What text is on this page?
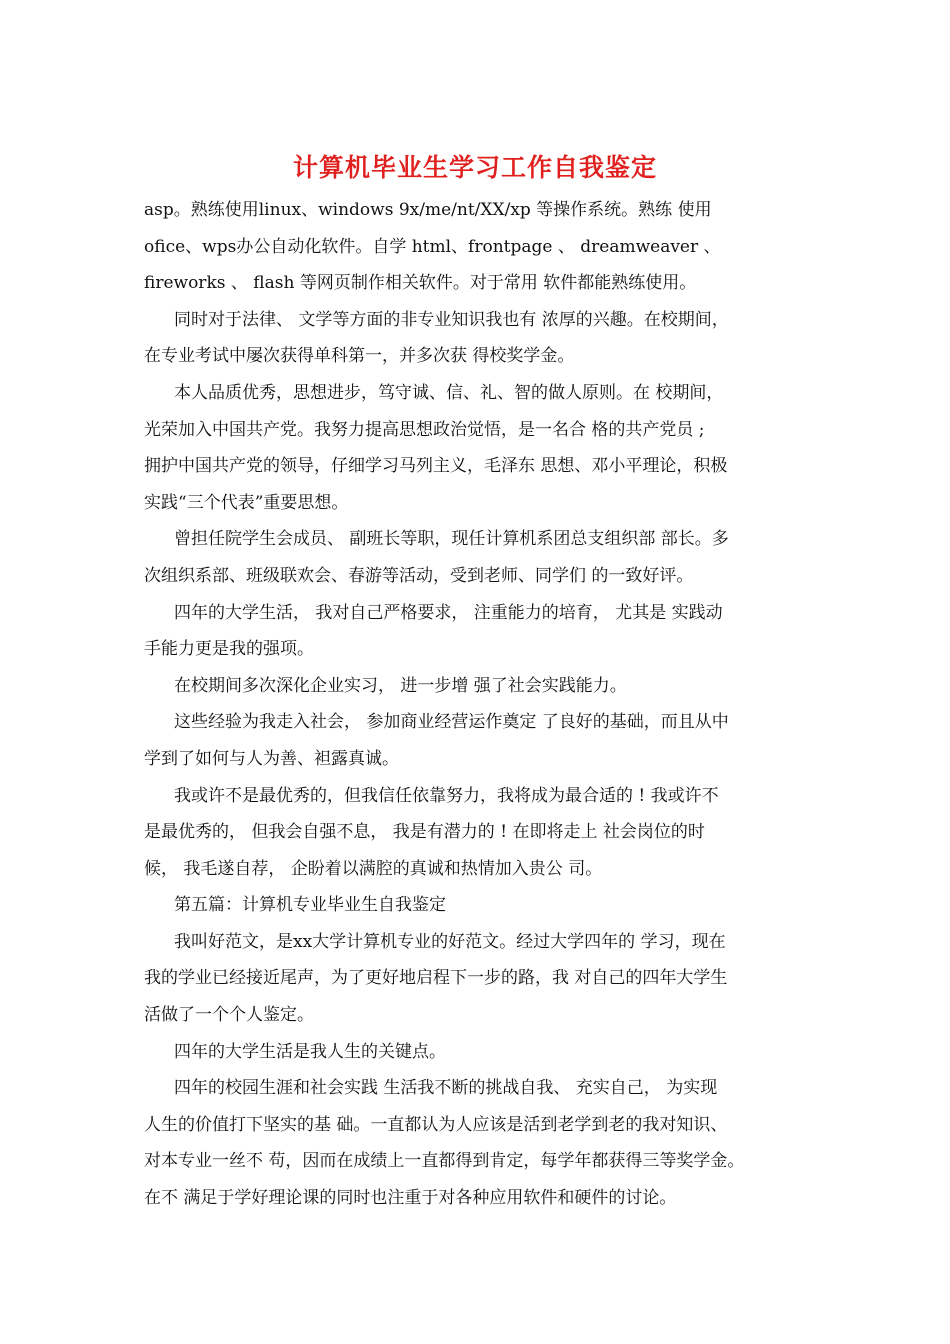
计算机毕业生学习工作自我鉴定
asp。熟练使用linux、windows 9x/me/nt/XX/xp 等操作系统。熟练 使用
ofice、wps办公自动化软件。自学 html、frontpage 、 dreamweaver 、
fireworks 、 flash 等网页制作相关软件。对于常用 软件都能熟练使用。
同时对于法律、 文学等方面的非专业知识我也有 浓厚的兴趣。在校期间，
在专业考试中屡次获得单科第一，并多次获 得校奖学金。
本人品质优秀，思想进步，笃守诚、信、礼、智的做人原则。在 校期间，
光荣加入中国共产党。我努力提高思想政治觉悟，是一名合 格的共产党员 ;
拥护中国共产党的领导，仔细学习马列主义，毛泽东 思想、邓小平理论，积极
实践“三个代表”重要思想。
曾担任院学生会成员、 副班长等职，现任计算机系团总支组织部 部长。多
次组织系部、班级联欢会、春游等活动，受到老师、同学们 的一致好评。
四年的大学生活， 我对自己严格要求， 注重能力的培育， 尤其是 实践动
手能力更是我的强项。
在校期间多次深化企业实习， 进一步增 强了社会实践能力。
这些经验为我走入社会， 参加商业经营运作奠定 了良好的基础，而且从中
学到了如何与人为善、袒露真诚。
我或许不是最优秀的，但我信任依靠努力，我将成为最合适的 ! 我或许不
是最优秀的， 但我会自强不息， 我是有潜力的 ! 在即将走上 社会岗位的时
候， 我毛遂自荐， 企盼着以满腔的真诚和热情加入贵公 司。
第五篇：计算机专业毕业生自我鉴定
我叫好范文，是xx大学计算机专业的好范文。经过大学四年的 学习，现在
我的学业已经接近尾声，为了更好地启程下一步的路，我 对自己的四年大学生
活做了一个个人鉴定。
四年的大学生活是我人生的关键点。
四年的校园生涯和社会实践 生活我不断的挑战自我、 充实自己， 为实现
人生的价值打下坚实的基 础。一直都认为人应该是活到老学到老的我对知识、
对本专业一丝不 苟，因而在成绩上一直都得到肯定，每学年都获得三等奖学金。
在不 满足于学好理论课的同时也注重于对各种应用软件和硬件的讨论。
